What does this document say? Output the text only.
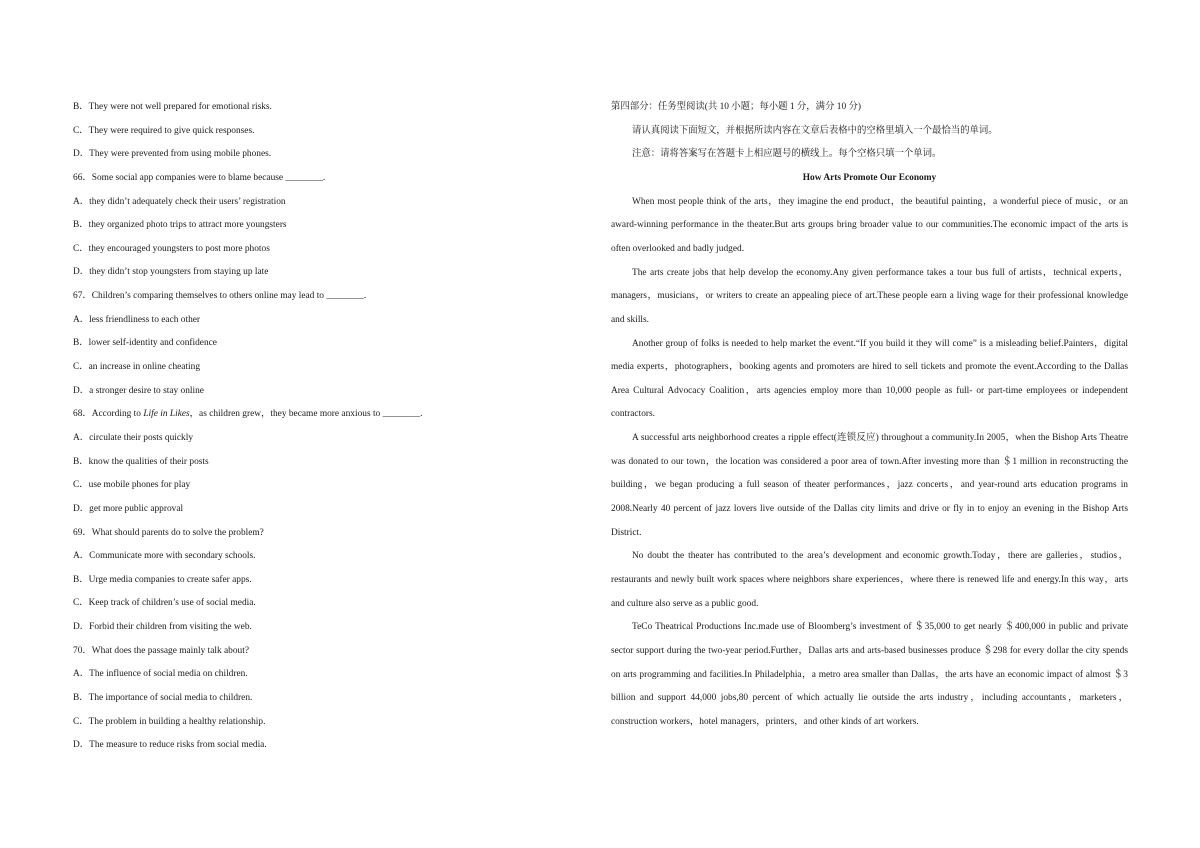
B．They were not well prepared for emotional risks.
C．They were required to give quick responses.
D．They were prevented from using mobile phones.
66．Some social app companies were to blame because ________.
A．they didn’t adequately check their users’ registration
B．they organized photo trips to attract more youngsters
C．they encouraged youngsters to post more photos
D．they didn’t stop youngsters from staying up late
67．Children’s comparing themselves to others online may lead to ________.
A．less friendliness to each other
B．lower self-identity and confidence
C．an increase in online cheating
D．a stronger desire to stay online
68．According to Life in Likes，as children grew，they became more anxious to ________.
A．circulate their posts quickly
B．know the qualities of their posts
C．use mobile phones for play
D．get more public approval
69．What should parents do to solve the problem?
A．Communicate more with secondary schools.
B．Urge media companies to create safer apps.
C．Keep track of children’s use of social media.
D．Forbid their children from visiting the web.
70．What does the passage mainly talk about?
A．The influence of social media on children.
B．The importance of social media to children.
C．The problem in building a healthy relationship.
D．The measure to reduce risks from social media.
第四部分：任务型阅读(共 10 小题；每小题 1 分，满分 10 分)
请认真阅读下面短文，并根据所读内容在文章后表格中的空格里填入一个最恰当的单词。
注意：请将答案写在答题卡上相应题号的横线上。每个空格只填一个单词。
How Arts Promote Our Economy

When most people think of the arts，they imagine the end product，the beautiful painting，a wonderful piece of music，or an award-winning performance in the theater.But arts groups bring broader value to our communities.The economic impact of the arts is often overlooked and badly judged.

The arts create jobs that help develop the economy.Any given performance takes a tour bus full of artists，technical experts，managers，musicians，or writers to create an appealing piece of art.These people earn a living wage for their professional knowledge and skills.

Another group of folks is needed to help market the event.“If you build it they will come” is a misleading belief.Painters，digital media experts，photographers，booking agents and promoters are hired to sell tickets and promote the event.According to the Dallas Area Cultural Advocacy Coalition，arts agencies employ more than 10,000 people as full- or part-time employees or independent contractors.

A successful arts neighborhood creates a ripple effect(连锁反应) throughout a community.In 2005，when the Bishop Arts Theatre was donated to our town，the location was considered a poor area of town.After investing more than ＄1 million in reconstructing the building，we began producing a full season of theater performances，jazz concerts，and year-round arts education programs in 2008.Nearly 40 percent of jazz lovers live outside of the Dallas city limits and drive or fly in to enjoy an evening in the Bishop Arts District.

No doubt the theater has contributed to the area’s development and economic growth.Today，there are galleries，studios，restaurants and newly built work spaces where neighbors share experiences，where there is renewed life and energy.In this way，arts and culture also serve as a public good.

TeCo Theatrical Productions Inc.made use of Bloomberg’s investment of ＄35,000 to get nearly ＄400,000 in public and private sector support during the two-year period.Further，Dallas arts and arts-based businesses produce ＄298 for every dollar the city spends on arts programming and facilities.In Philadelphia，a metro area smaller than Dallas，the arts have an economic impact of almost ＄3 billion and support 44,000 jobs,80 percent of which actually lie outside the arts industry，including accountants，marketers，construction workers，hotel managers，printers，and other kinds of art workers.
